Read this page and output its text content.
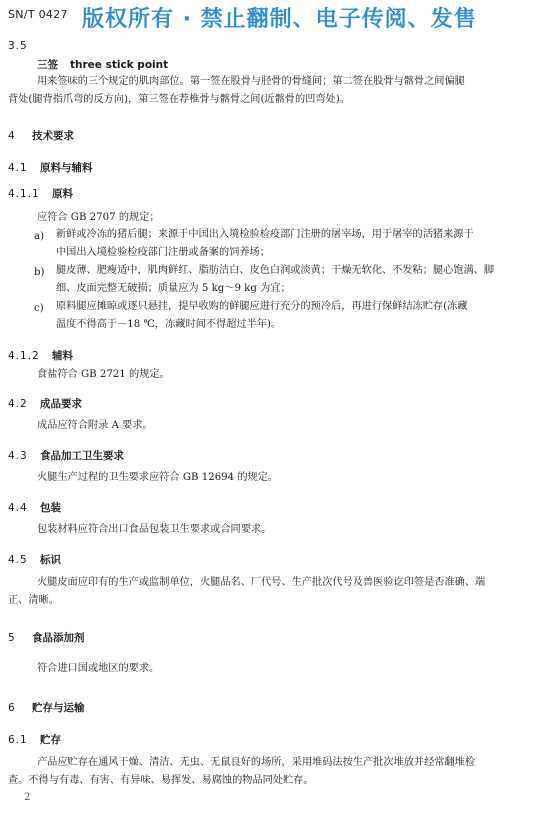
SN/T 0427 版权所有 · 禁止翻制、电子传阅、发售
3.5
三签 three stick point
用来签味的三个规定的肌肉部位。第一签在股骨与胫骨的骨缝间；第二签在股骨与髂骨之间偏腿
背处(腿背指爪弯的反方向)，第三签在荐椎骨与髂骨之间(近髂骨的凹弯处)。
4 技术要求
4.1 原料与辅料
4.1.1 原料
应符合 GB 2707 的规定；
a) 新鲜或冷冻的猪后腿；来源于中国出入境检验检疫部门注册的屠宰场，用于屠宰的活猪来源于
中国出入境检验检疫部门注册或备案的饲养场；
b) 腿皮薄、肥瘦适中，肌肉鲜红、脂肪洁白、皮色白润或淡黄；干燥无软化、不发粘；腿心饱满、脚
细、皮面完整无破损；质量应为 5 kg～9 kg 为宜；
c) 原料腿应摊晾或逐只悬挂，提早收购的鲜腿应进行充分的预冷后，再进行保鲜结冻贮存(冻藏
温度不得高于－18 ℃，冻藏时间不得超过半年)。
4.1.2 辅料
食盐符合 GB 2721 的规定。
4.2 成品要求
成品应符合附录 A 要求。
4.3 食品加工卫生要求
火腿生产过程的卫生要求应符合 GB 12694 的规定。
4.4 包装
包装材料应符合出口食品包装卫生要求或合同要求。
4.5 标识
火腿皮面应印有的生产或监制单位，火腿品名、厂代号、生产批次代号及兽医验讫印签是否准确、端
正、清晰。
5 食品添加剂
符合进口国或地区的要求。
6 贮存与运输
6.1 贮存
产品应贮存在通风干燥、清洁、无虫、无鼠良好的场所，采用堆码法按生产批次堆放并经常翻堆检
查。不得与有毒、有害、有异味、易挥发、易腐蚀的物品同处贮存。
2
